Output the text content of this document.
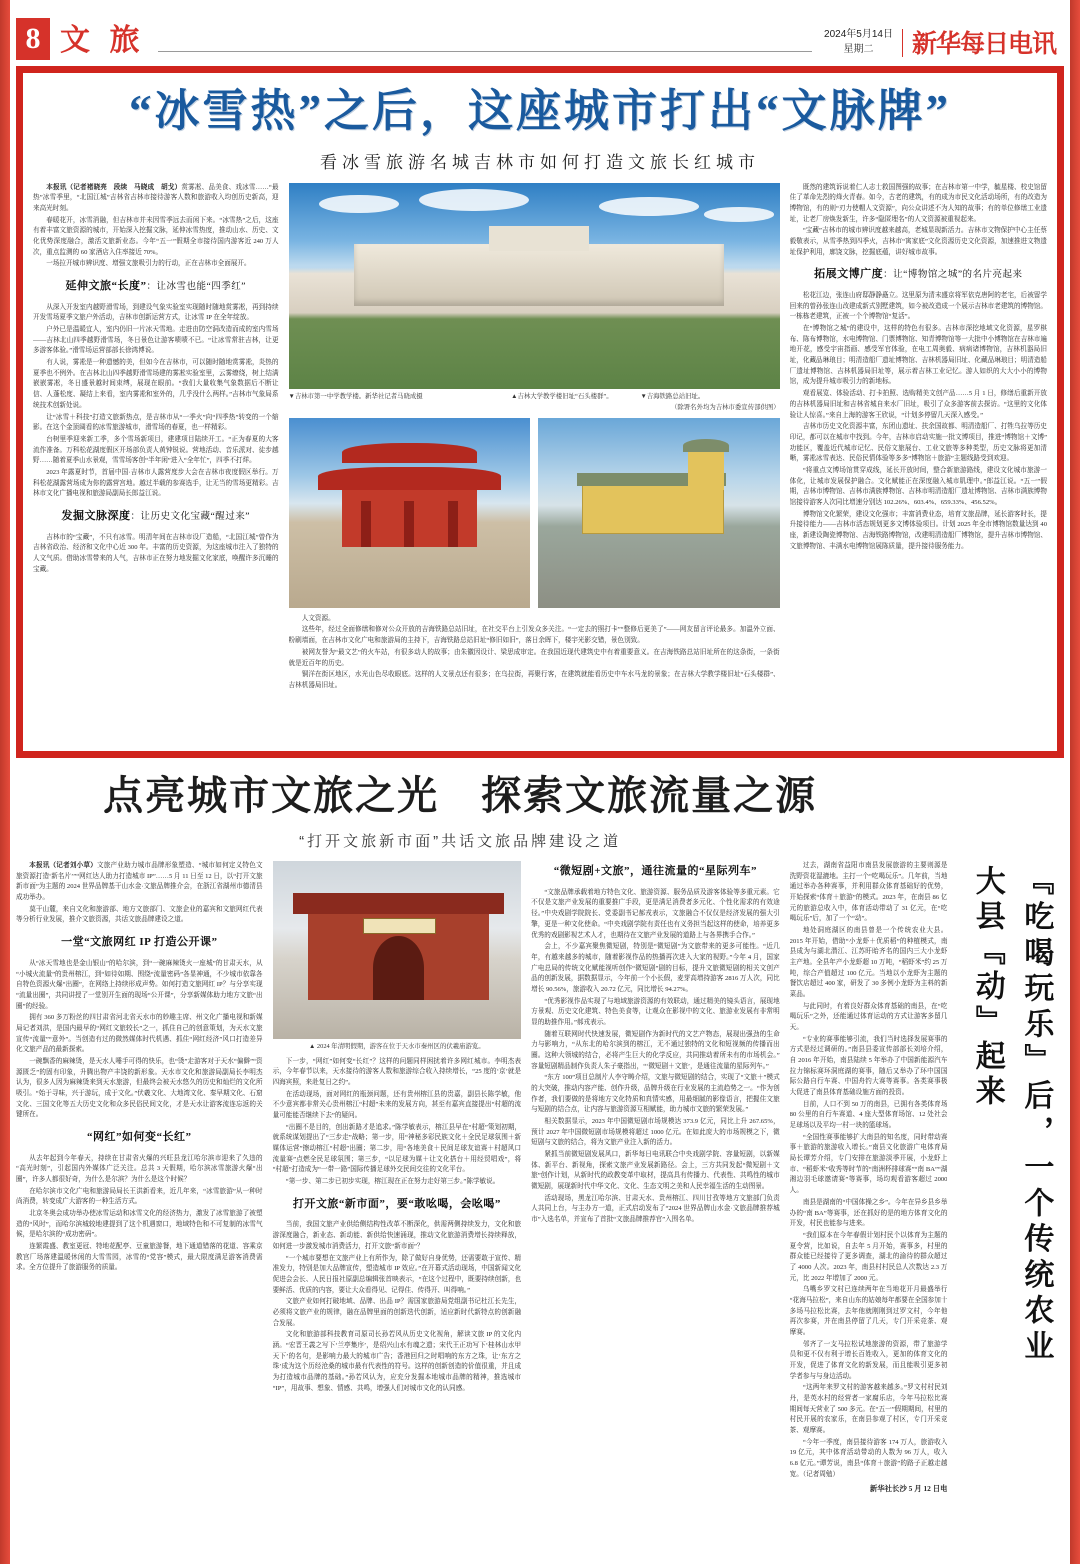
8 文 旅	2024年5月14日
星期二	新华每日电讯
“冰雪热”之后，这座城市打出“文脉牌”
看冰雪旅游名城吉林市如何打造文旅长红城市

本报讯（记者褚晓亮　段续　马晓成　胡戈）赏雾凇、品美食、戏冰雪……“最热”冰雪季里，“北国江城”吉林省吉林市接待游客人数和旅游收入均创历史新高，迎来高光时刻。

春暖花开，冰雪消融，但吉林市并未因雪季远去而闲下来。“冰雪热”之后，这座有着丰富文旅资源的城市，开始深入挖掘文脉，延伸冰雪热度，推动山水、历史、文化优势深度融合，激活文旅新业态。今年“五一”假期全市接待国内游客近 240 万人次，重点监测的 60 家酒店入住率接近 70%。

一场拉开城市辨识度、增强文旅吸引力的行动，正在吉林市全面展开。

延伸文旅“长度”：让冰雪也能“四季红”

从深入开发室内越野滑雪场，到建设气象实验室实现随时随地赏雾凇，再到持续开发雪场夏季文旅户外活动，吉林市创新运营方式，让冰雪 IP 在全年绽放。

户外已是温暖宜人，室内仍旧一片冰天雪地。走进由防空洞改造而成的室内雪场——吉林北山四季越野滑雪场，冬日景色让游客啧啧不已。“让冰雪常驻吉林，让更多游客体验。”滑雪场运营部部长徐鸿博说。

有人说，雾凇是一种遗憾的美，但如今在吉林市，可以随时随地赏雾凇，炎热的夏季也不例外。在吉林北山四季越野滑雪场建的雾凇实验室里，云雾缭绕，树上结满嵌嵌雾凇，冬日盛景越时间束缚，展现在眼前。“我们大量收集气象数据后不断让信、人蓬松度、凝结上来看，室内雾凇和室外的，几乎没什么两样。”吉林市气象局系统技术创新处说。

让“冰雪＋科技”打造文旅新热点，是吉林市从“一季火”向“四季热”转变的一个缩影。在这个金顶阔看的冰雪旅游城市，滑雪场的春夏，也一样精彩。

台树里季迎来新工季，多个雪场新项目，建建项目陆续开工。“正为春夏的大客流作准备。万科松花湖度假区开场部负责人黄钟锐说。营地活动、音乐派对、徒步越野……随着夏季山水景观，雪雪场客创“半年闲”进入“全年忙”，四季不打烊。

2023 年露夏时节，首届中国·吉林市人露营度步大会在吉林市夜度假区举行。万科松花湖露营场成为你的露营宫地。越过半载的参赛选手，让无当的雪场更精彩。吉林市文化广播电视和旅游局副局长郎益江说。

发掘文脉深度：让历史文化宝藏“醒过来”

吉林市的“宝藏”，不只有冰雪。明清年间在吉林市设厂造船，“北国江城”曾作为吉林省政治、经济和文化中心近 300 年。丰富的历史资源，为这座城市注入了独特的人文气质。借助冰雪带来的人气，吉林市正在努力地发掘文化家底，唤醒许多沉睡的宝藏。

▼吉林市第一中学教学楼。新华社记者马晓成摄	▲吉林大学教学楼旧址“石头楼群”。	▼吉海铁路总站旧址。
（除署名外均为吉林市委宣传部供图）

人文资源。

这些年，经过全面修缮和修对公众开放的吉海铁路总站旧址，在社交平台上引发众多关注。“一定去的照打卡”“整修后更美了”——网友留言评论最多。加温外立面、粉刷墙面，在吉林市文化广电和旅游局的主持下，吉海铁路总站旧址“修旧如旧”，落日余晖下，楼宇光影交错，景色别致。

被网友誉为“最文艺”的火车站，有很多动人的故事；由朱徽因设计、梁思成审定。在我国近现代建筑史中有着重要意义。在吉海铁路总站旧址所在的这条街，一条街就是近百年的历史。

铜洋在街区地区，水光山色尽收眼底。这样的人文景点还有很多；在乌拉街，再聚行客，在建筑就能看历史中车水马龙的景象；在吉林大学教学楼旧址“石头楼群”、吉林机器局旧址。

既然的建筑诉说着仁人志士救国图强的故事；在吉林市第一中学，毓星楼、校史馆留住了革命先烈的烽火青春。如今，古老的建筑，有的成为市民文化活动场所，有的改造为博物馆，有的则“刃力使帽人文资源”，向公众讲述不为人知的故事；有的单位修缮工业遗址，让老厂房焕发新生，许多“隐匿埋名”的人文资源被重视起来。

“宝藏”吉林市的城市辨识度越来越高，老城显现新活力。吉林市文物保护中心主任蔡毅敬表示，从雪季热到四季火，吉林市“寓家底”文化资源历史文化资源，加速推进文物遗址保护利用，廓饶文脉，挖掘底蕴，讲好城市故事。

拓展文博广度：让“博物馆之城”的名片亮起来

松花江边，张连山府邸静静矗立。这里原为清末盛京将军依克唐阿的老宅，后被留学回来的曾孙张连山改建成新式别墅建筑，如今被改造成一个展示吉林市老建筑的博物馆。一栋栋老建筑，正被一个个博物馆“复活”。

在“博物馆之城”的建设中，这样的特色有很多。吉林市深挖地域文化资源，星罗棋布、陈布博物馆，水电博物馆、门票博物馆、知青博物馆等一大批中小博物馆在吉林市遍地开花，感受宇宙指画、感受军官体验，在电工周奥毅、病病诸博物馆，吉林机器局旧址，化藏品琳琅目；明清造船厂遗址博物馆、吉林机器局旧址、化藏品琳琅目；明清造船厂遗址博物馆、吉林机器局旧址等，展示着吉林工业记忆。游人如织的大大小小的博物馆，成为提升城市吸引力的新地标。

观看展览、体验活动、打卡拍照、选购精美文创产品……5 月 1 日，修缮后重新开放的吉林机器局旧址和吉林省城自来水厂旧址，吸引了众多游客前去探访。“这里的文化体验让人惊喜。”来自上海的游客王欣说，“计划多停留几天深入感受。”

吉林市历史文化资源丰富，东团山遗址、扶余国故都、明清造船厂、打牲乌拉等历史印记，都可以在城市中找到。今年，吉林市启动实施一批文博项目，推进“博物馆＋文博”功能区，覆盖近代城市记忆、民俗文旅展台、工业文旅等多种类型，历史文脉将更加清晰，雾凇冰雪表达、民俗民情体验等多多“博物馆＋旅游”主题线路受到欢迎。

“将重点文博场馆贯穿成线，延长开放时间，整合新旅游路线，建设文化城市旅游一体化，让城市发展保护融合。文化赋能正在深度融入城市肌理中。”郎益江说。“五一”假期，吉林市博物馆、吉林市满族博物馆、吉林市明清造船厂遗址博物馆、吉林市满族博物馆接待游客人次同比增速分别达 102.26%、603.4%、659.33%、456.52%。

博物馆文化繁荣，建设文化强市；丰富消费业态，培育文旅品牌，延长游客时长，提升接待能力——吉林市活态规划更多文博体验项目。计划 2025 年全市博物馆数量达到 40 座，新建设陶瓷博物馆、吉海铁路博物馆，改建明清造船厂博物馆，提升吉林市博物馆、文旅博物馆、丰满水电博物馆展陈质量，提升接待服务能力。

点亮城市文旅之光　探索文旅流量之源
“打开文旅新市面”共话文旅品牌建设之道

本报讯（记者刘小草）文旅产业助力城市品牌形象塑造、“城市如何定义特色文旅资源打造‘新名片’”“网红达人助力打造城市 IP”……5 月 11 日至 12 日，以“打开文旅新市面”为主题的 2024 世界品牌基干山水金·文旅品牌推介会，在浙江省湖州市德清县成功举办。

莫干山麓，来自文化和旅游部、地方文旅部门、文旅企业的嘉宾和文旅网红代表等分析行业发展，推介文旅资源，共话文旅品牌建设之道。

一堂“文旅网红 IP 打造公开课”

从“冰天雪地也是金山银山”的哈尔滨，到“一碗麻辣烫火一座城”的甘肃天水，从“小城火流量”的贵州榕江，到“如待如期、围绕“流量密码”各显神通，不少城市依靠各自特色资源火爆“出圈”，在网络上持续形成声势。如何打造文旅网红 IP？与分享实现“流量出圈”，共同讲授了一堂别开生面的现场“公开课”，分享新媒体助力地方文旅“出圈”的经验。

拥有 360 多万粉丝的四甘肃省河北省天水市的妙趣主席、州文化广播电视和新媒局记者刘洪，是国内最早的“网红文旅较长”之一，抓住自己的创意策划，为天水文旅宣传“流量”“意外”。当创造有过的微然媒体时代机遇、抓住“网红经济”风口打造差异化文旅产品的最新探索。

一碗飘香的麻辣烫，是天水人唾手可得的快乐，也“烫”走游客对于天水“偏僻”“资源匮乏”的固有印象，升腾出物产丰饶的新形象。天水市文化和旅游局副局长李明杰认为，很多人因为麻辣烫来到天水旅游，但最终会被天水悠久的历史和灿烂的文化所吸引。“始于寻味，兴于游玩，成于文化。”伏羲文化、大地湾文化、秦早期文化、石窟文化、三国文化等五大历史文化和众多民俗民间文化，才是天水让游客流连忘返的关键所在。

“网红”如何变“长红”

从去年起到今年春天，持续在甘肃省火爆的兴旺县龙江哈尔滨市迎来了久违的“高光时刻”，引起国内外媒体广泛关注。总共 3 天假期，哈尔滨冰雪旅游火爆“出圈”，许多人都很好奇，为什么是尔滨？为什么是这个时候？

在哈尔滨市文化广电和旅游局局长王洪新看来，近几年来，“冰雪旅游”从一种时尚消费，转变成广大游客的一种生活方式。

北京冬奥会成功举办使冰雪运动和冰雪文化的经济热力，激发了冰雪旅游了被塑造的“风时”，而哈尔滨城较地建提到了这个机遇窗口，地域特色和不可复制的冰雪气候，是哈尔滨的“成功密码”。

连繁霞盛、教室更冠、特地花配亭、豆童旅游餐，地下通道错落的花道、容乘京教宫厂场落建温暖休闲的大雪雪园，冰雪的“党容”模式，最大限度满足游客消费需求。全方位提升了旅游服务的质量。

▲ 2024 年清明假期，游客在位于天水市秦州区的伏羲庙游览。

下一步，“网红”如何变“长红”？这样的问题同样困扰着许多网红城市。李明杰表示，今年春节以来，天水接待的游客人数和旅游综合收入持续增长，“25 度的‘京’就是四海宾照，来赴复日之约”。

在活动现场，面对网红的瓶颈问题，还有贵州榕江县的贵嘉，副县长陈学敏，他不少意宾都非常关心贵州榕江“村超”未来的发展方向，甚至有嘉宾直接提出“村超的流量可能能否继续下去”的疑问。

“出圈不是目的，创出新路才是追求。”陈学敏表示，榕江县早在“村超”策划初期，就系统谋划提出了“三步走”战略；第一步，用“神秘多彩民族文化＋全民足球氛围＋新媒体运营”擦动榕江“村超”出圈；第二步，用“各地美食＋民间足球友谊赛＋村超风口流量赛”点燃全民足球氛围；第三步，“以足球为媒＋让文化搭台＋用经贸唱戏”，将“村超”打造成为“一带一路”国际传播足球外交民间交往的文化平台。

“第一步、第二步已初步实现，榕江现在正在努力走好第三步。”陈学敏说。

打开文旅“新市面”，要“敢吆喝，会吆喝”

当前，我国文旅产业供给侧结构性改革不断深化，供需两侧持续发力，文化和旅游深度融合，新业态、新动能、新供给快速涌现，推动文化旅游消费增长持续释放，如何进一步激发城市消费活力，打开文旅“新市面”？

“一个城市要想在文旅产业上有所作为，除了做好自身优势，还需要敢于宣传、精准发力，特别是加大品牌宣传，塑造城市 IP 效应。”在开幕式活动现场，中国新闻文化促进会会长、人民日报社原副总编辑张首映表示，“在这个过程中，既要持续创新，也要鲜活、优质的内容，要让大众看得见、记得住、传得开、叫得响。”

文旅产业如何打破地域、品牌、出品 IP？需国家旅游局党组副书记杜江长先生，必须将文旅产业的规律，融在品牌里面的创新迭代创新，适应新时代新特点的创新融合发展。

文化和旅游部科技教育司原司长孙若风从历史文化视角，解读文旅 IP 的文化内涵。“宏晋王義之写下‘兰亭集序’，是绍兴山水有魂之遗；宋代王正功写下‘桂林山水甲天下’的名句，是影响力最大的城市广告；香港回归之时唱响的东方之珠，让‘东方之珠’成为这个历经沧桑的城市最有代表性的符号。这样的创新创造的价值很重，并且成为打造城市品牌的基础。”孙若风认为，应充分发掘本地城市品牌的精神，推选城市“IP”，用故事、想象、情感、共鸣，增强人们对城市文化的认同感。

“微短剧+文旅”，通往流量的“星际列车”

“文旅品牌承载着地方特色文化、旅游资源、服务品质及游客体验等多重元素。它不仅是文旅产业发展的重要推广手段，更是满足消费者多元化、个性化需求的有效途径。”中央戏剧学院院长、党委副书记郝戎表示，文旅融合不仅仅是经济发展的强大引擎，更是一种文化使命。“中央戏剧学院有责任也有义务担当起这样的使命，培养更多优秀的戏剧影视艺术人才，也期待在文旅产业发展的道路上与各界携手合作。”

会上，不少嘉宾聚焦微短剧，特别是“微短剧”为文旅带来的更多可能性。“近几年，有越来越多的城市，随着影视作品的热播再次进入大家的视野。”今年 4 月，国家广电总局的传统文化赋能视听创作“微短剧”剧的目标，提升文旅微短剧的相关文创产品的创新发展，据数据显示，今年前一个小长假，麦芽高增持游客 2816 万人次，同比增长 90.56%，旅游收入 20.72 亿元，同比增长 94.27%。

“优秀影视作品实现了与地域旅游资源的有效联动，通过精美的镜头语言，展现地方景观、历史文化建筑、特色美食等，让观众在影视中的文化、旅游业发展有非常明显的助推作用。”郝戎表示。

随着互联网时代快速发展，微短剧作为新时代的文艺产物态，展现出强劲的生命力与影响力，“从东北的哈尔滨到的榕江，无不通过独特的文化和短视频的传播而出圈。这种大领城的结合，必将产生巨大的化学反应，共同推动着所未有的市场机会。”容量短剧精品制作负责人朱子豪指出，“‘微短剧＋文旅’，是通往流量的星际列车。”

“东方 100”项目总制片人李守畴介绍，文旅与微短剧的结合，实现了“文旅＋”模式的大突破，推动内容产能、创作升级，品牌升级在行业发展的主流趋势之一。“作为创作者，我们要做的是将地方文化特质和真情实感，用最细腻的影像语言，把握住文旅与短剧的结合点，让内容与旅游资源互相赋能，助力城市文旅的繁荣发展。”

相关数据显示，2023 年中国微短剧市场规模达 373.9 亿元，同比上升 267.65%，预计 2027 年中国微短剧市场规模将超过 1000 亿元。在如此庞大的市场规模之下，微短剧与文旅的结合，将为文旅产业注入新的活力。

紧抓当前微短剧发展风口，新华每日电讯联合中央戏剧学院、容量短剧，以新媒体、新平台、新视角，探索文旅产业发展新路径。会上，三方共同发起“微短剧＋文旅”创作计划，从新时代的政教变革中取材，提高具有传播力、代表性、共鸣性的城市微短剧，展现新时代中华文化、文化、生态文明之美和人民幸福生活的生动图景。

活动现场，黑龙江哈尔滨、甘肃天水、贵州榕江、四川甘孜等地方文旅部门负责人共同上台，与主办方一道，正式启动发布了“2024 世界品牌山水金·文旅品牌推荐城市”入选名单，并宣布了首批“文旅品牌推荐官”入围名单。

过去，湖南省益阳市南县发展旅游的主要则源是洗野资花湿漉地。主打一个“吃喝玩乐”。几年前，当地通过举办各种赛事，并利用群众体育基础好的优势，开始探索“体育＋旅游”的模式。2023 年，在南县 86 亿元的旅游总收入中，体育活动带动了 31 亿元，在“吃喝玩乐”后，加了一个“动”。

地处洞庭湖区的南县曾是一个传统农业大县。2015 年开始，借助“小龙虾＋优质稻”的种植模式，南县成为与湖北潜江、江苏盱眙齐名的国内三大小龙虾主产地。全县年产小龙虾超 10 万吨，“稻虾米”约 25 万吨，综合产值超过 100 亿元。当地以小龙虾为主题的餐饮店超过 400 家，研发了 30 多例小龙虾为主料的新菜品。

与此同时，有着良好群众体育基础的南县，在“吃喝玩乐”之外，还能通过体育运动的方式让游客多留几天。

“专业的赛事能够引流，我们当时选择发展赛事的方式是经过调研的。”南县县委宣传部部长刘培介绍，自 2016 年开始，南县陆续 5 年举办了中国新能源汽车拉力锦标赛环洞庭湖的赛事，随后又举办了环中国国际公路自行车赛、中国舟钓大赛等赛事。各类赛事极大促进了南县体育基础设施方面的投资。

目前，人口不到 50 万的南县，已拥有各类体育场 80 公里的自行车赛道、4 座大型体育场馆、12 处社会足球场以及平均一村一块的篮球场。

“全国性赛事能够扩大南县的知名度，同时带动赛事＋旅游的旅游收入增长。”南县文化旅游广电体育局局长谭芳介绍，专门安排在旅游淡季开展，小龙虾上市、“稻虾米”收秀等时节的“南洲杯排球赛”“南 BA”“湖湘边羽毛球邀请赛”等赛事，场均观看游客超过 2000 人。

南县是湖南的“中国体操之乡”。今年在异乡县乡举办的“南 BA”等赛事，还在抓好的是的地方体育文化的开发，村民也能参与进来。

“我们原本在今年春假计划村民个以体育为主题的夏令营，比如说，自去年 5 月开始，赛事多，村里的群众能已经接待了更多调查，湖北的渝待的群众超过了 4000 人次。2023 年，南县村村民总人次数达 2.3 万元，比 2022 年增加了 2000 元。

乌嘴乡罗文村已连续两年在当地花开月最盛举行“花海马拉松”，来自山东的姑娘每年都要在全国参加十多场马拉松比赛，去年他就刚刚到过罗文村，今年他再次参赛，并在南县停留了几天，专门开采竞茶、观摩赛。

邻齐了一支马拉松试地旅游的资源，带了旅游学员和更不仅有利于增长百姓收入，更加的体育文化的开发，促进了体育文化的新发展，而且能吸引更多初学者参与与身边活动。

“这两年来罗文村的游客越来越多。”罗文村村民刘丹，是英水村的经营者一家腐乐店，今年马拉松比赛期间每天营业了 500 多元。在“五一”假期期间，村里的村民开展的农家乐，在南县参观了村区，专门开采竞茶、观摩赛。

“今年一季度，南县接待游客 174 万人，旅游收入 19 亿元，其中体育活动带动的人数为 96 万人，收入 6.8 亿元。”谭芳说，南县“体育＋旅游”的路子正越走越宽。（记者周勉）

新华社长沙 5 月 12 日电
『吃喝玩乐』后，一个传统农业大县『动』起来
